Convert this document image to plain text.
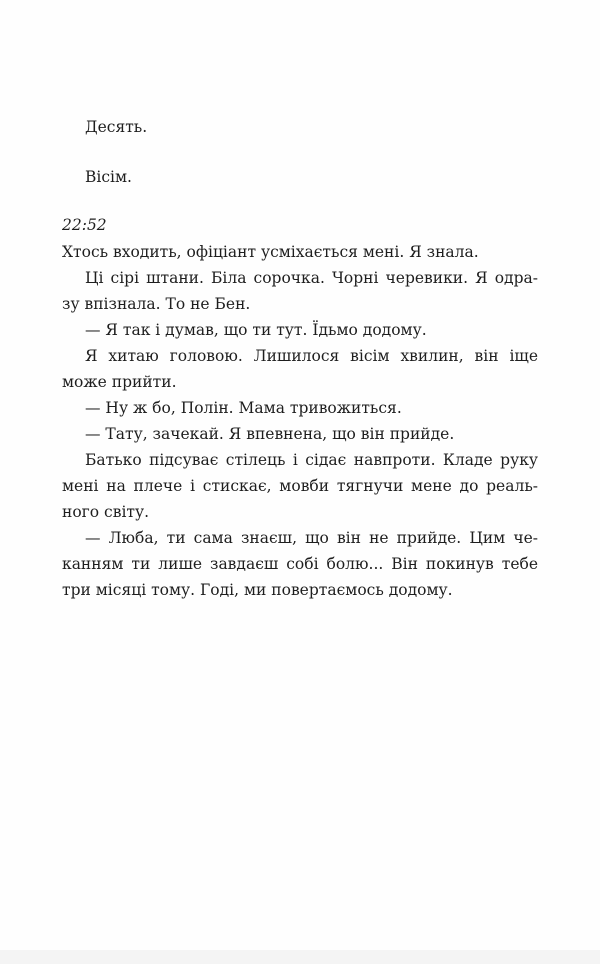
Десять.
Вісім.
22:52
Хтось входить, офіціант усміхається мені. Я знала.
Ці сірі штани. Біла сорочка. Чорні черевики. Я одра-
зу впізнала. То не Бен.
— Я так і думав, що ти тут. Їдьмо додому.
Я хитаю головою. Лишилося вісім хвилин, він іще
може прийти.
— Ну ж бо, Полін. Мама тривожиться.
— Тату, зачекай. Я впевнена, що він прийде.
Батько підсуває стілець і сідає навпроти. Кладе руку
мені на плече і стискає, мовби тягнучи мене до реаль-
ного світу.
— Люба, ти сама знаєш, що він не прийде. Цим че-
канням ти лише завдаєш собі болю... Він покинув тебе
три місяці тому. Годі, ми повертаємось додому.
